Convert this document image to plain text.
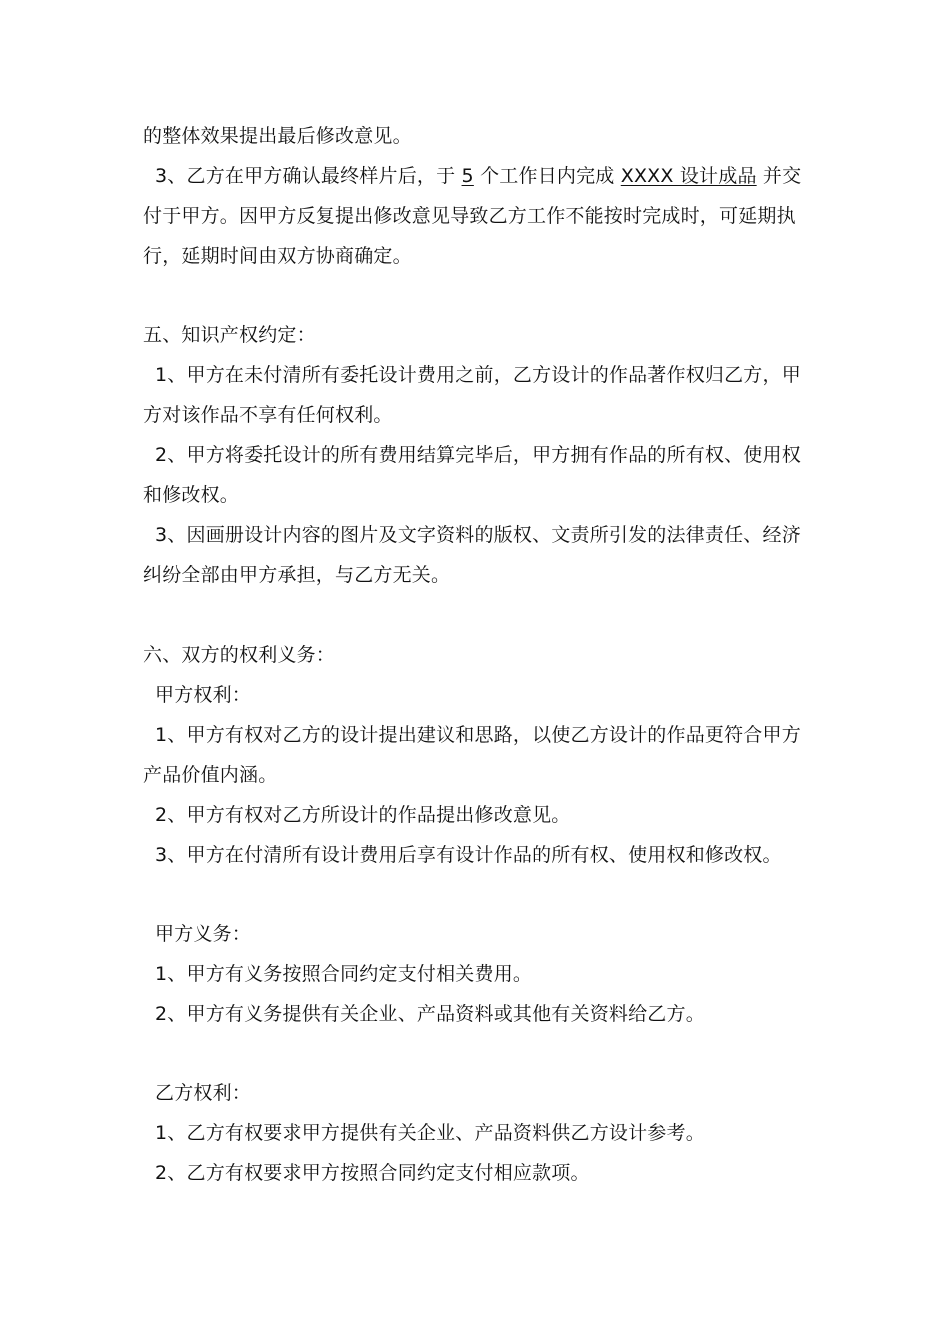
的整体效果提出最后修改意见。
3、乙方在甲方确认最终样片后，于 5 个工作日内完成 XXXX 设计成品 并交
付于甲方。因甲方反复提出修改意见导致乙方工作不能按时完成时，可延期执
行，延期时间由双方协商确定。
五、知识产权约定：
1、甲方在未付清所有委托设计费用之前，乙方设计的作品著作权归乙方，甲
方对该作品不享有任何权利。
2、甲方将委托设计的所有费用结算完毕后，甲方拥有作品的所有权、使用权
和修改权。
3、因画册设计内容的图片及文字资料的版权、文责所引发的法律责任、经济
纠纷全部由甲方承担，与乙方无关。
六、双方的权利义务：
甲方权利：
1、甲方有权对乙方的设计提出建议和思路，以使乙方设计的作品更符合甲方
产品价值内涵。
2、甲方有权对乙方所设计的作品提出修改意见。
3、甲方在付清所有设计费用后享有设计作品的所有权、使用权和修改权。
甲方义务：
1、甲方有义务按照合同约定支付相关费用。
2、甲方有义务提供有关企业、产品资料或其他有关资料给乙方。
乙方权利：
1、乙方有权要求甲方提供有关企业、产品资料供乙方设计参考。
2、乙方有权要求甲方按照合同约定支付相应款项。
